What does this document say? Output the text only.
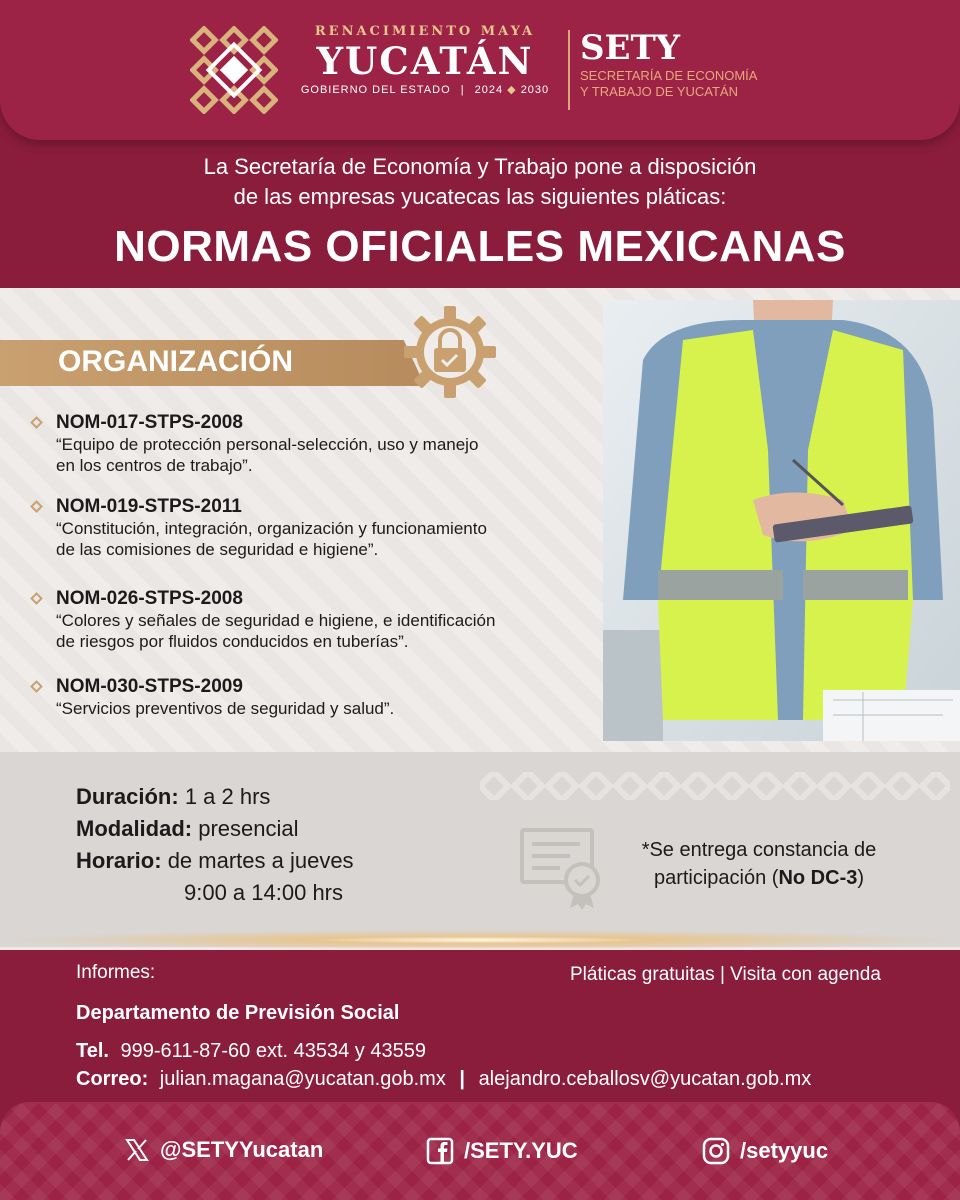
RENACIMIENTO MAYA
YUCATÁN
GOBIERNO DEL ESTADO | 2024 ◆ 2030
SETY
SECRETARÍA DE ECONOMÍA
Y TRABAJO DE YUCATÁN
La Secretaría de Economía y Trabajo pone a disposición
de las empresas yucatecas las siguientes pláticas:
NORMAS OFICIALES MEXICANAS
ORGANIZACIÓN
NOM-017-STPS-2008
“Equipo de protección personal-selección, uso y manejo
en los centros de trabajo”.
NOM-019-STPS-2011
“Constitución, integración, organización y funcionamiento
de las comisiones de seguridad e higiene”.
NOM-026-STPS-2008
“Colores y señales de seguridad e higiene, e identificación
de riesgos por fluidos conducidos en tuberías”.
NOM-030-STPS-2009
“Servicios preventivos de seguridad y salud”.
Duración: 1 a 2 hrs
Modalidad: presencial
Horario: de martes a jueves
9:00 a 14:00 hrs
*Se entrega constancia de
participación (No DC-3)
Informes:	Pláticas gratuitas | Visita con agenda
Departamento de Previsión Social
Tel. 999-611-87-60 ext. 43534 y 43559
Correo: julian.magana@yucatan.gob.mx | alejandro.ceballosv@yucatan.gob.mx
@SETYYucatan	/SETY.YUC	/setyyuc
